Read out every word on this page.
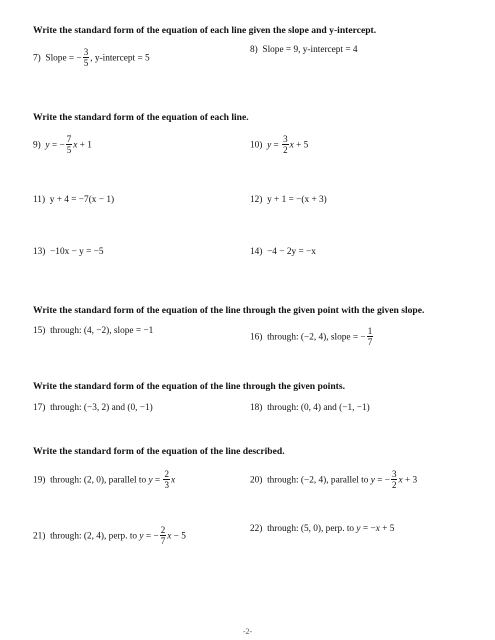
Write the standard form of the equation of each line given the slope and y-intercept.
7) Slope = − $\frac{3}{5}$ , y-intercept = 5
8) Slope = 9, y-intercept = 4
Write the standard form of the equation of each line.
9) y = − $\frac{7}{5}$ x + 1	10) $y = \frac{3}{2}$ x + 5
11) y + 4 = −7(x − 1)	12) y + 1 = −(x + 3)
13) −10x − y = −5	14) −4 − 2y = −x
Write the standard form of the equation of the line through the given point with the given slope.
15) through: (4, −2), slope = −1
16) through: (−2, 4), slope = − $\frac{1}{7}$
Write the standard form of the equation of the line through the given points.
17) through: (−3, 2) and (0, −1)	18) through: (0, 4) and (−1, −1)
Write the standard form of the equation of the line described.
19) through: (2, 0), parallel to $y = \frac{2}{3}$ x	20) through: (−2, 4), parallel to y = − $\frac{3}{2}$ x + 3
21) through: (2, 4), perp. to y = − $\frac{2}{7}$ x − 5
22) through: (5, 0), perp. to y = −x + 5
-2-
